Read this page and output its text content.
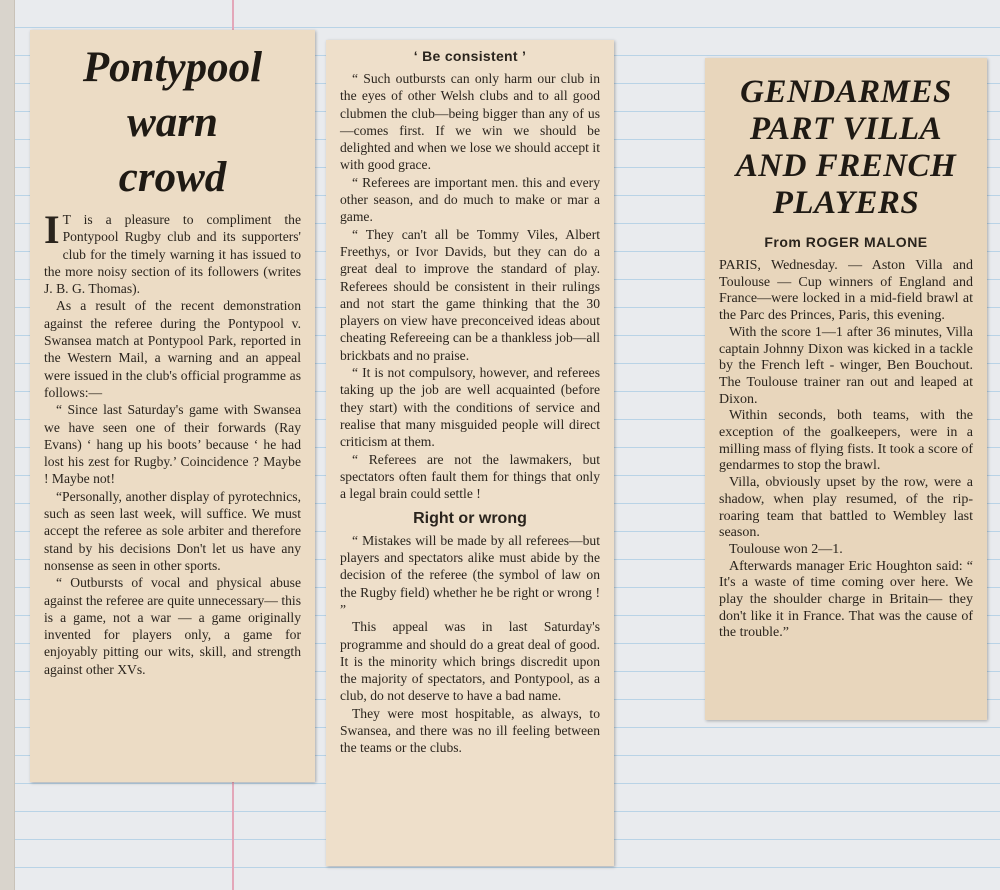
Pontypool
warn
crowd

I T is a pleasure to compliment the Pontypool Rugby club and its supporters' club for the timely warning it has issued to the more noisy section of its followers (writes J. B. G. Thomas).

As a result of the recent demonstration against the referee during the Pontypool v. Swansea match at Pontypool Park, reported in the Western Mail, a warning and an appeal were issued in the club's official programme as follows:—

“ Since last Saturday's game with Swansea we have seen one of their forwards (Ray Evans) ‘ hang up his boots’ because ‘ he had lost his zest for Rugby.’ Coincidence ? Maybe ! Maybe not!

“Personally, another display of pyrotechnics, such as seen last week, will suffice. We must accept the referee as sole arbiter and therefore stand by his decisions Don't let us have any nonsense as seen in other sports.

“ Outbursts of vocal and physical abuse against the referee are quite unnecessary— this is a game, not a war — a game originally invented for players only, a game for enjoyably pitting our wits, skill, and strength against other XVs.

‘ Be consistent ’

“ Such outbursts can only harm our club in the eyes of other Welsh clubs and to all good clubmen the club—being bigger than any of us—comes first. If we win we should be delighted and when we lose we should accept it with good grace.

“ Referees are important men. this and every other season, and do much to make or mar a game.

“ They can't all be Tommy Viles, Albert Freethys, or Ivor Davids, but they can do a great deal to improve the standard of play. Referees should be consistent in their rulings and not start the game thinking that the 30 players on view have preconceived ideas about cheating Refereeing can be a thankless job—all brickbats and no praise.

“ It is not compulsory, however, and referees taking up the job are well acquainted (before they start) with the conditions of service and realise that many misguided people will direct criticism at them.

“ Referees are not the lawmakers, but spectators often fault them for things that only a legal brain could settle !

Right or wrong

“ Mistakes will be made by all referees—but players and spectators alike must abide by the decision of the referee (the symbol of law on the Rugby field) whether he be right or wrong ! ”

This appeal was in last Saturday's programme and should do a great deal of good. It is the minority which brings discredit upon the majority of spectators, and Pontypool, as a club, do not deserve to have a bad name.

They were most hospitable, as always, to Swansea, and there was no ill feeling between the teams or the clubs.

GENDARMES
PART VILLA
AND FRENCH
PLAYERS
From ROGER MALONE

PARIS, Wednesday. — Aston Villa and Toulouse — Cup winners of England and France—were locked in a mid-field brawl at the Parc des Princes, Paris, this evening.

With the score 1—1 after 36 minutes, Villa captain Johnny Dixon was kicked in a tackle by the French left - winger, Ben Bouchout. The Toulouse trainer ran out and leaped at Dixon.

Within seconds, both teams, with the exception of the goalkeepers, were in a milling mass of flying fists. It took a score of gendarmes to stop the brawl.

Villa, obviously upset by the row, were a shadow, when play resumed, of the rip-roaring team that battled to Wembley last season.

Toulouse won 2—1.

Afterwards manager Eric Houghton said: “ It's a waste of time coming over here. We play the shoulder charge in Britain— they don't like it in France. That was the cause of the trouble.”
